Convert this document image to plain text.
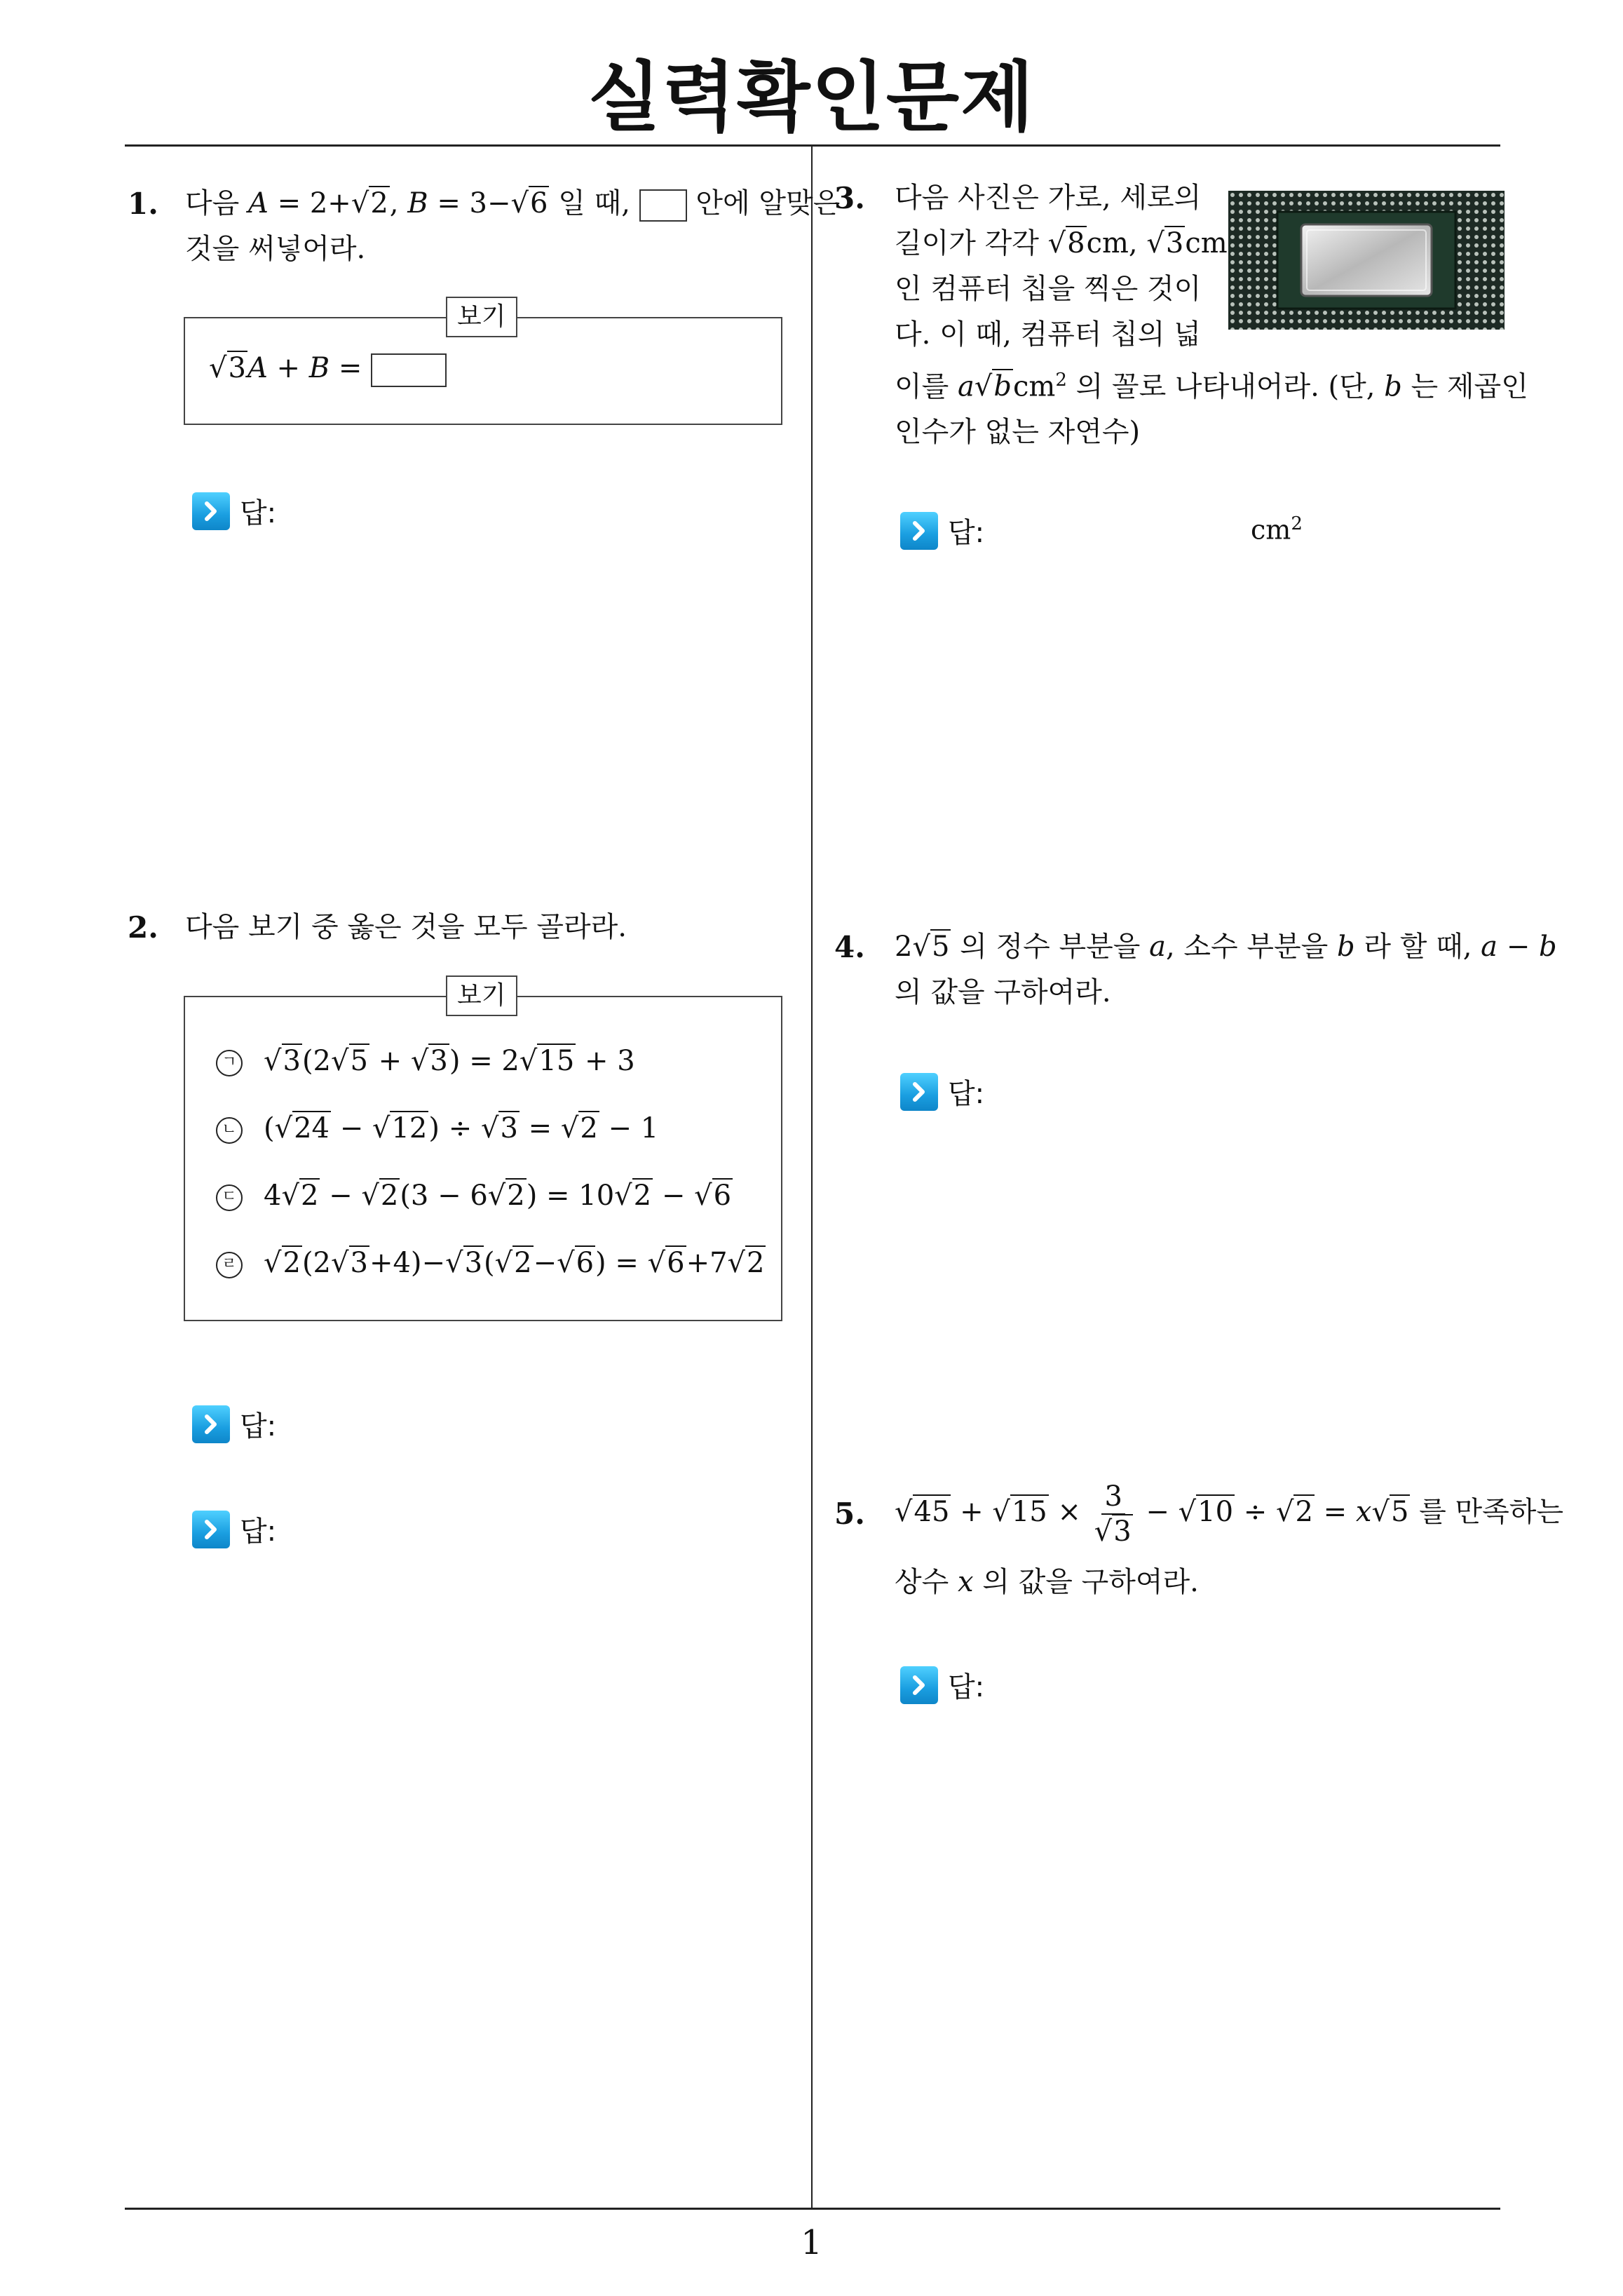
실력확인문제
1. 다음 A = 2+√2, B = 3−√6 일 때, 안에 알맞은
것을 써넣어라.
√3A + B =
보기
답:
2. 다음 보기 중 옳은 것을 모두 골라라.
ㄱ √3(2√5 + √3) = 2√15 + 3
ㄴ (√24 − √12) ÷ √3 = √2 − 1
ㄷ 4√2 − √2(3 − 6√2) = 10√2 − √6
ㄹ √2(2√3+4)−√3(√2−√6) = √6+7√2
보기
답:
답:
3. 다음 사진은 가로, 세로의
길이가 각각 √8cm, √3cm
인 컴퓨터 칩을 찍은 것이
다. 이 때, 컴퓨터 칩의 넓
이를 a√bcm$^2$ 의 꼴로 나타내어라. (단, b 는 제곱인
인수가 없는 자연수)
답:	$cm^2$
4. 2√5 의 정수 부분을 a, 소수 부분을 b 라 할 때, a − b
의 값을 구하여라.
답:
5. $√45 + √15 \times \frac{3}{√3} - √10 \div √2 = x√5$ 를 만족하는
상수 x 의 값을 구하여라.
답:
1
